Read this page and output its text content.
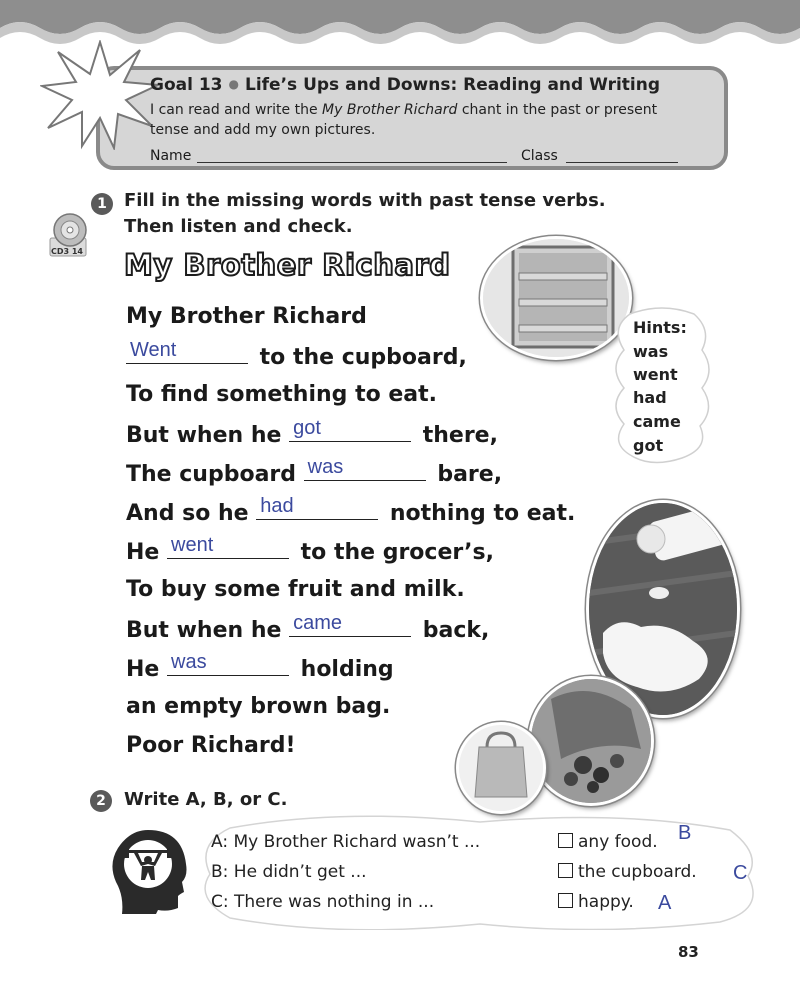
Goal 13 ● Life’s Ups and Downs: Reading and Writing
I can read and write the My Brother Richard chant in the past or present
tense and add my own pictures.
Name	Class
1 Fill in the missing words with past tense verbs.
Then listen and check.
CD3 14 My Brother Richard
My Brother Richard
Went	to the cupboard,
To find something to eat.
But when he got	there,
The cupboard was	bare,
And so he had	nothing to eat.
He went	to the grocer’s,
To buy some fruit and milk.
But when he came	back,
He was	holding
an empty brown bag.
Poor Richard!
Hints:
was
went
had
came
got
2	Write A, B, or C.
A: My Brother Richard wasn’t ...
B: He didn’t get ...
C: There was nothing in ...
any food. B
the cupboard. C
happy. A
83
